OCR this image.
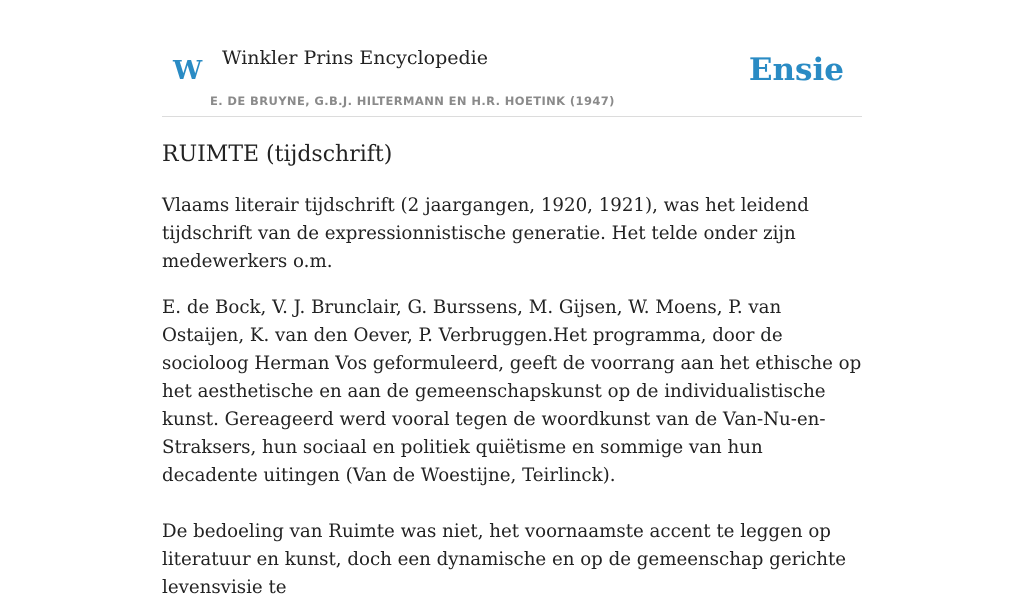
W Winkler Prins Encyclopedie
E. DE BRUYNE, G.B.J. HILTERMANN EN H.R. HOETINK (1947)
Ensie
RUIMTE (tijdschrift)

Vlaams literair tijdschrift (2 jaargangen, 1920, 1921), was het leidend tijdschrift van de expressionnistische generatie. Het telde onder zijn medewerkers o.m.

E. de Bock, V. J. Brunclair, G. Burssens, M. Gijsen, W. Moens, P. van Ostaijen, K. van den Oever, P. Verbruggen.Het programma, door de socioloog Herman Vos geformuleerd, geeft de voorrang aan het ethische op het aesthetische en aan de gemeenschapskunst op de individualistische kunst. Gereageerd werd vooral tegen de woordkunst van de Van-Nu-en-Straksers, hun sociaal en politiek quiëtisme en sommige van hun decadente uitingen (Van de Woestijne, Teirlinck).

De bedoeling van Ruimte was niet, het voornaamste accent te leggen op literatuur en kunst, doch een dynamische en op de gemeenschap gerichte levensvisie te
